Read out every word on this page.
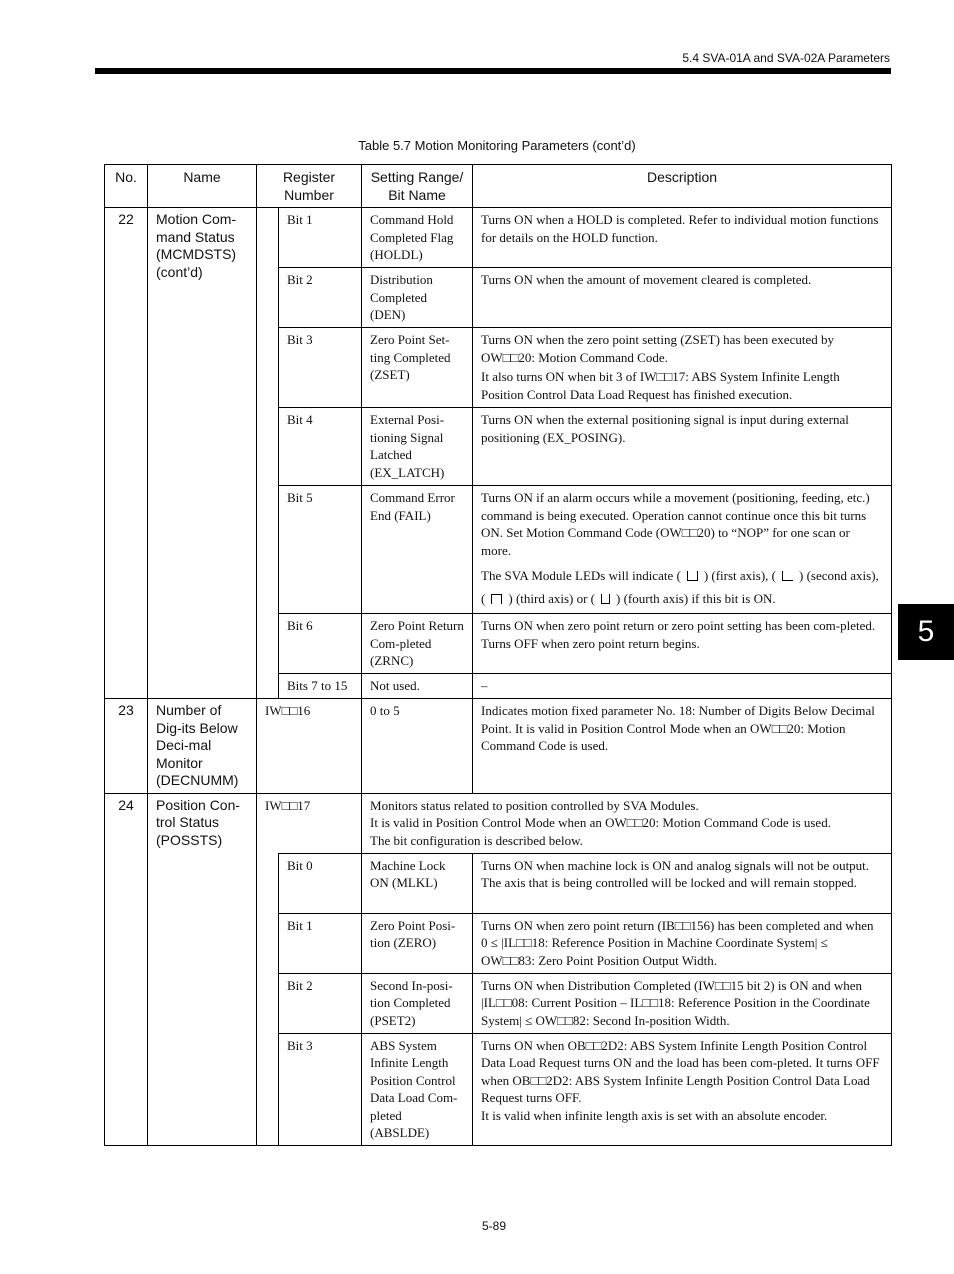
5.4 SVA-01A and SVA-02A Parameters
Table 5.7 Motion Monitoring Parameters (cont’d)
5
5-89
No.	Name	Register Number		Setting Range/ Bit Name	Description
22	Motion Com-mand Status (MCMDSTS) (cont’d)		Bit 1	Command Hold Completed Flag (HOLDL)	Turns ON when a HOLD is completed. Refer to individual motion functions for details on the HOLD function.

			Bit 2	Distribution Completed (DEN)	Turns ON when the amount of movement cleared is completed.

			Bit 3	Zero Point Set-ting Completed (ZSET)	Turns ON when the zero point setting (ZSET) has been executed by OW□□20: Motion Command Code.

It also turns ON when bit 3 of IW□□17: ABS System Infinite Length Position Control Data Load Request has finished execution.

			Bit 4	External Posi-tioning Signal Latched (EX_LATCH)	Turns ON when the external positioning signal is input during external positioning (EX_POSING).

			Bit 5	Command Error End (FAIL)	Turns ON if an alarm occurs while a movement (positioning, feeding, etc.) command is being executed. Operation cannot continue once this bit turns ON. Set Motion Command Code (OW□□20) to “NOP” for one scan or more.

The SVA Module LEDs will indicate ( ) (first axis), ( ) (second axis), ( ) (third axis) or ( ) (fourth axis) if this bit is ON.

			Bit 6	Zero Point Return Com-pleted (ZRNC)	Turns ON when zero point return or zero point setting has been com-pleted. Turns OFF when zero point return begins.

			Bits 7 to 15	Not used.	–

23	Number of Dig-its Below Deci-mal Monitor (DECNUMM)	IW□□16		0 to 5	Indicates motion fixed parameter No. 18: Number of Digits Below Decimal Point. It is valid in Position Control Mode when an OW□□20: Motion Command Code is used.
24	Position Con-trol Status (POSSTS)	IW□□17		Monitors status related to position controlled by SVA Modules.

It is valid in Position Control Mode when an OW□□20: Motion Command Code is used.

The bit configuration is described below.	

			Bit 0	Machine Lock ON (MLKL)	Turns ON when machine lock is ON and analog signals will not be output. The axis that is being controlled will be locked and will remain stopped.

			Bit 1	Zero Point Posi-tion (ZERO)	Turns ON when zero point return (IB□□156) has been completed and when 0 ≤ |IL□□18: Reference Position in Machine Coordinate System| ≤ OW□□83: Zero Point Position Output Width.

			Bit 2	Second In-posi-tion Completed (PSET2)	Turns ON when Distribution Completed (IW□□15 bit 2) is ON and when |IL□□08: Current Position – IL□□18: Reference Position in the Coordinate System| ≤ OW□□82: Second In-position Width.

			Bit 3	ABS System Infinite Length Position Control Data Load Com-pleted (ABSLDE)	Turns ON when OB□□2D2: ABS System Infinite Length Position Control Data Load Request turns ON and the load has been com-pleted. It turns OFF when OB□□2D2: ABS System Infinite Length Position Control Data Load Request turns OFF.

It is valid when infinite length axis is set with an absolute encoder.
